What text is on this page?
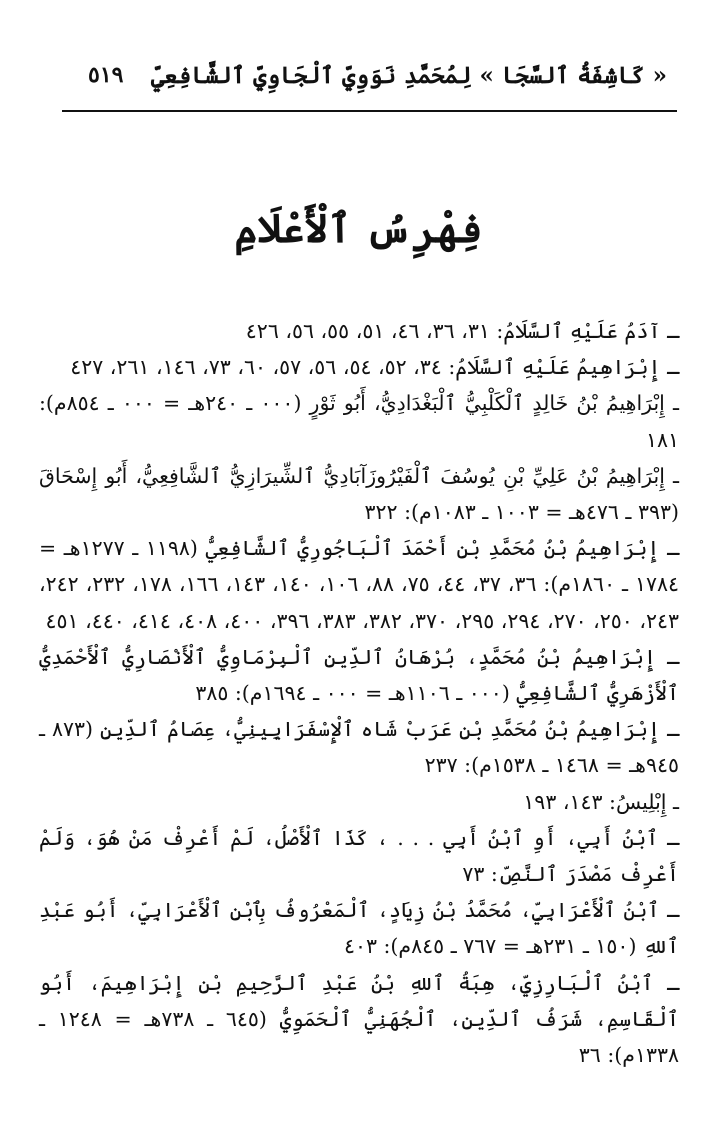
« كَاشِفَةُ ٱلسَّجَا » لِمُحَمَّدِ نَوَوِيِّ ٱلْجَاوِيِّ ٱلشَّافِعِيِّ
٥١٩
فِهْرِسُ ٱلْأَعْلَامِ

ـ آدَمُ عَلَيْهِ ٱلسَّلَامُ: ٣١، ٣٦، ٤٦، ٥١، ٥٥، ٥٦، ٤٢٦

ـ إِبْرَاهِيمُ عَلَيْهِ ٱلسَّلَامُ: ٣٤، ٥٢، ٥٤، ٥٦، ٥٧، ٦٠، ٧٣، ١٤٦، ٢٦١، ٤٢٧

ـ إِبْرَاهِيمُ بْنُ خَالِدٍ ٱلْكَلْبِيُّ ٱلْبَغْدَادِيُّ، أَبُو ثَوْرٍ (٠٠٠ ـ ٢٤٠هـ = ٠٠٠ ـ ٨٥٤م): ١٨١

ـ إِبْرَاهِيمُ بْنُ عَلِيِّ بْنِ يُوسُفَ ٱلْفَيْرُوزَآبَادِيُّ ٱلشِّيرَازِيُّ ٱلشَّافِعِيُّ، أَبُو إِسْحَاقَ (٣٩٣ ـ ٤٧٦هـ = ١٠٠٣ ـ ١٠٨٣م): ٣٢٢

ـ إِبْرَاهِيمُ بْنُ مُحَمَّدِ بْنِ أَحْمَدَ ٱلْبَاجُورِيُّ ٱلشَّافِعِيُّ (١١٩٨ ـ ١٢٧٧هـ = ١٧٨٤ ـ ١٨٦٠م): ٣٦، ٣٧، ٤٤، ٧٥، ٨٨، ١٠٦، ١٤٠، ١٤٣، ١٦٦، ١٧٨، ٢٣٢، ٢٤٢، ٢٤٣، ٢٥٠، ٢٧٠، ٢٩٤، ٢٩٥، ٣٧٠، ٣٨٢، ٣٨٣، ٣٩٦، ٤٠٠، ٤٠٨، ٤١٤، ٤٤٠، ٤٥١

ـ إِبْرَاهِيمُ بْنُ مُحَمَّدٍ، بُرْهَانُ ٱلدِّينِ ٱلْبِرْمَاوِيُّ ٱلْأَنْصَارِيُّ ٱلْأَحْمَدِيُّ ٱلْأَزْهَرِيُّ ٱلشَّافِعِيُّ (٠٠٠ ـ ١١٠٦هـ = ٠٠٠ ـ ١٦٩٤م): ٣٨٥

ـ إِبْرَاهِيمُ بْنُ مُحَمَّدِ بْنِ عَرَبْ شَاه ٱلْإِسْفَرَايِينِيُّ، عِصَامُ ٱلدِّينِ (٨٧٣ ـ ٩٤٥هـ = ١٤٦٨ ـ ١٥٣٨م): ٢٣٧

ـ إِبْلِيسُ: ١٤٣، ١٩٣

ـ ٱبْنُ أَبِي، أَوِ ٱبْنُ أَبِي . . . ، كَذَا ٱلْأَصْلُ، لَمْ أَعْرِفْ مَنْ هُوَ، وَلَمْ أَعْرِفْ مَصْدَرَ ٱلنَّصِّ: ٧٣

ـ ٱبْنُ ٱلْأَعْرَابِيِّ، مُحَمَّدُ بْنُ زِيَادٍ، ٱلْمَعْرُوفُ بِٱبْنِ ٱلْأَعْرَابِيِّ، أَبُو عَبْدِ ٱللهِ (١٥٠ ـ ٢٣١هـ = ٧٦٧ ـ ٨٤٥م): ٤٠٣

ـ ٱبْنُ ٱلْبَارِزِيِّ، هِبَةُ ٱللهِ بْنُ عَبْدِ ٱلرَّحِيمِ بْنِ إِبْرَاهِيمَ، أَبُو ٱلْقَاسِمِ، شَرَفُ ٱلدِّينِ، ٱلْجُهَنِيُّ ٱلْحَمَوِيُّ (٦٤٥ ـ ٧٣٨هـ = ١٢٤٨ ـ ١٣٣٨م): ٣٦
